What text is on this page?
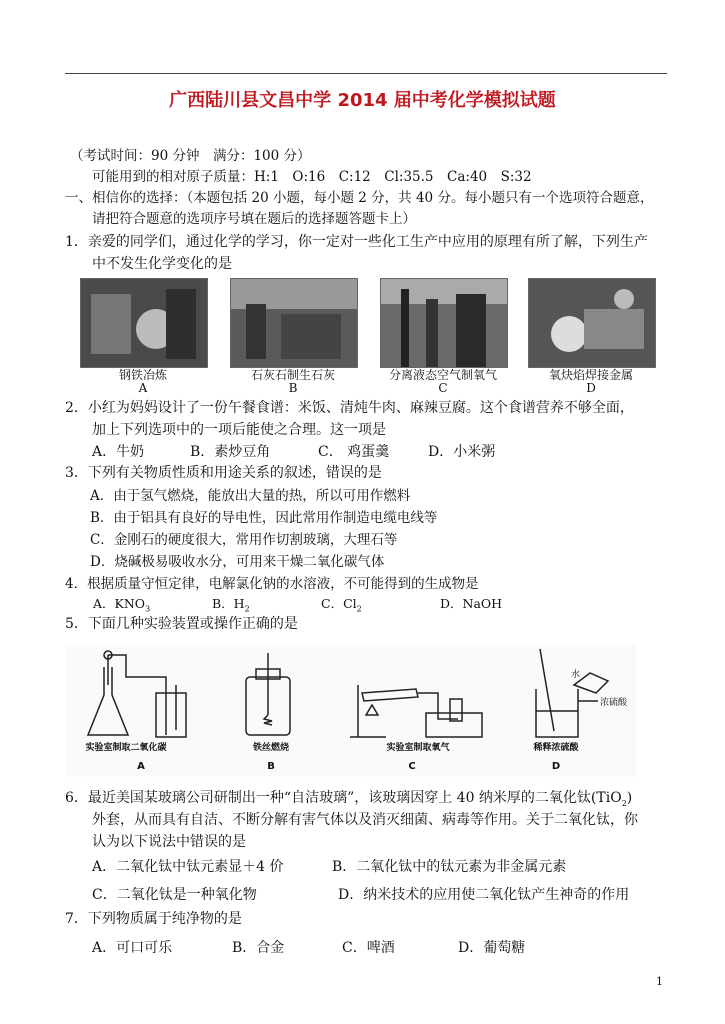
广西陆川县文昌中学 2014 届中考化学模拟试题
（考试时间：90 分钟　满分：100 分）
可能用到的相对原子质量：H:1　O:16　C:12　Cl:35.5　Ca:40　S:32
一、相信你的选择：（本题包括 20 小题，每小题 2 分，共 40 分。每小题只有一个选项符合题意，
请把符合题意的选项序号填在题后的选择题答题卡上）
1．亲爱的同学们，通过化学的学习，你一定对一些化工生产中应用的原理有所了解，下列生产
中不发生化学变化的是
钢铁冶炼	石灰石制生石灰	分离液态空气制氧气	氧炔焰焊接金属
A	B	C	D
2．小红为妈妈设计了一份午餐食谱：米饭、清炖牛肉、麻辣豆腐。这个食谱营养不够全面，
加上下列选项中的一项后能使之合理。这一项是
A．牛奶	B．素炒豆角	C． 鸡蛋羹	D．小米粥
3．下列有关物质性质和用途关系的叙述，错误的是
A．由于氢气燃烧，能放出大量的热，所以可用作燃料
B．由于铝具有良好的导电性，因此常用作制造电缆电线等
C．金刚石的硬度很大，常用作切割玻璃，大理石等
D．烧碱极易吸收水分，可用来干燥二氧化碳气体
4．根据质量守恒定律，电解氯化钠的水溶液，不可能得到的生成物是
A．$KNO_3$	B．$H_2$	C．$Cl_2$	D．NaOH
5．下面几种实验装置或操作正确的是
实验室制取二氧化碳
A
铁丝燃烧
B
实验室制取氧气
C
水
浓硫酸
稀释浓硫酸
D
6．最近美国某玻璃公司研制出一种“自洁玻璃”，该玻璃因穿上 40 纳米厚的二氧化钛(TiO$_2$)
外套，从而具有自洁、不断分解有害气体以及消灭细菌、病毒等作用。关于二氧化钛，你
认为以下说法中错误的是
A．二氧化钛中钛元素显＋4 价	B．二氧化钛中的钛元素为非金属元素
C．二氧化钛是一种氧化物	D．纳米技术的应用使二氧化钛产生神奇的作用
7．下列物质属于纯净物的是
A．可口可乐	B．合金	C．啤酒	D．葡萄糖
1
